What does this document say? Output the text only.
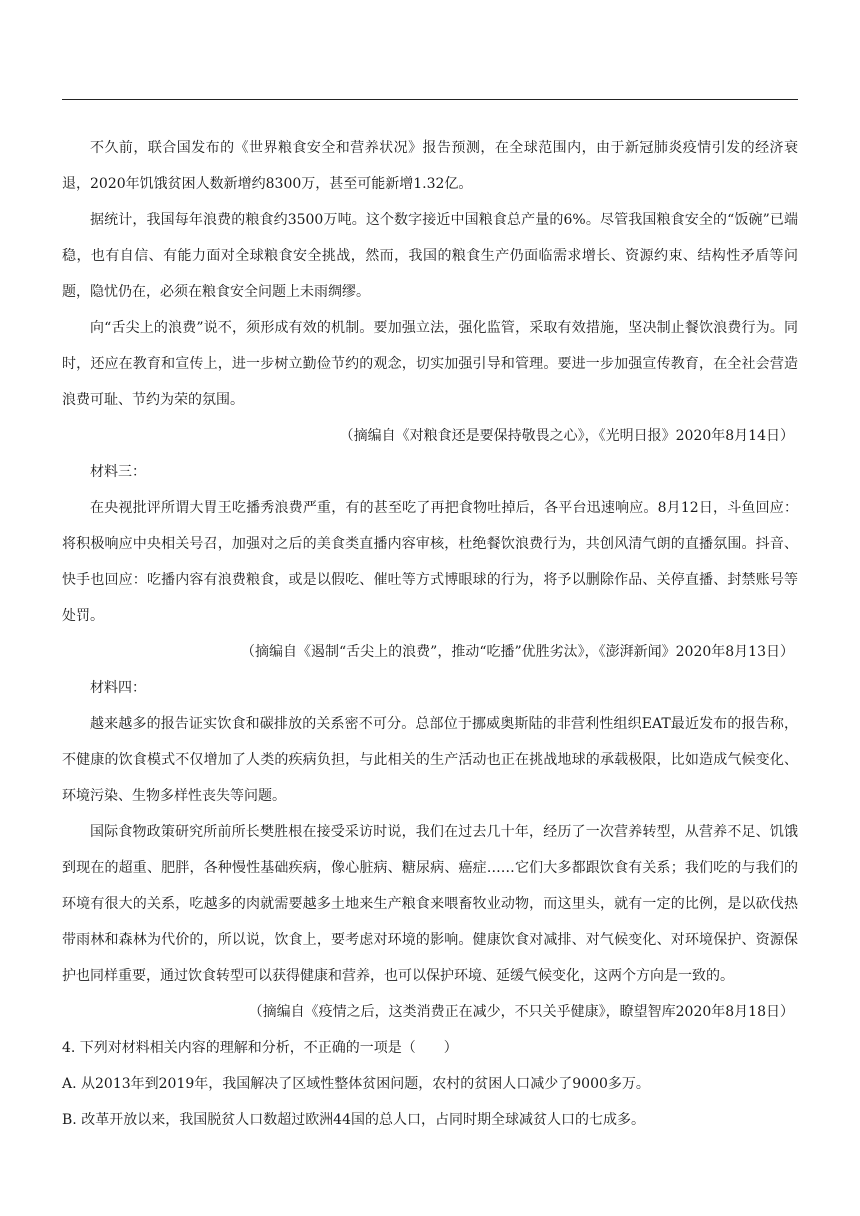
不久前，联合国发布的《世界粮食安全和营养状况》报告预测，在全球范围内，由于新冠肺炎疫情引发的经济衰退，2020年饥饿贫困人数新增约8300万，甚至可能新增1.32亿。

据统计，我国每年浪费的粮食约3500万吨。这个数字接近中国粮食总产量的6%。尽管我国粮食安全的“饭碗”已端稳，也有自信、有能力面对全球粮食安全挑战，然而，我国的粮食生产仍面临需求增长、资源约束、结构性矛盾等问题，隐忧仍在，必须在粮食安全问题上未雨绸缪。

向“舌尖上的浪费”说不，须形成有效的机制。要加强立法，强化监管，采取有效措施，坚决制止餐饮浪费行为。同时，还应在教育和宣传上，进一步树立勤俭节约的观念，切实加强引导和管理。要进一步加强宣传教育，在全社会营造浪费可耻、节约为荣的氛围。

（摘编自《对粮食还是要保持敬畏之心》，《光明日报》2020年8月14日）

材料三：

在央视批评所谓大胃王吃播秀浪费严重，有的甚至吃了再把食物吐掉后，各平台迅速响应。8月12日，斗鱼回应：将积极响应中央相关号召，加强对之后的美食类直播内容审核，杜绝餐饮浪费行为，共创风清气朗的直播氛围。抖音、快手也回应：吃播内容有浪费粮食，或是以假吃、催吐等方式博眼球的行为，将予以删除作品、关停直播、封禁账号等处罚。

（摘编自《遏制“舌尖上的浪费”，推动“吃播”优胜劣汰》，《澎湃新闻》2020年8月13日）

材料四：

越来越多的报告证实饮食和碳排放的关系密不可分。总部位于挪威奥斯陆的非营利性组织EAT最近发布的报告称，不健康的饮食模式不仅增加了人类的疾病负担，与此相关的生产活动也正在挑战地球的承载极限，比如造成气候变化、环境污染、生物多样性丧失等问题。

国际食物政策研究所前所长樊胜根在接受采访时说，我们在过去几十年，经历了一次营养转型，从营养不足、饥饿到现在的超重、肥胖，各种慢性基础疾病，像心脏病、糖尿病、癌症……它们大多都跟饮食有关系；我们吃的与我们的环境有很大的关系，吃越多的肉就需要越多土地来生产粮食来喂畜牧业动物，而这里头，就有一定的比例，是以砍伐热带雨林和森林为代价的，所以说，饮食上，要考虑对环境的影响。健康饮食对减排、对气候变化、对环境保护、资源保护也同样重要，通过饮食转型可以获得健康和营养，也可以保护环境、延缓气候变化，这两个方向是一致的。

（摘编自《疫情之后，这类消费正在减少，不只关乎健康》，瞭望智库2020年8月18日）

4. 下列对材料相关内容的理解和分析，不正确的一项是（　　）

A. 从2013年到2019年，我国解决了区域性整体贫困问题，农村的贫困人口减少了9000多万。

B. 改革开放以来，我国脱贫人口数超过欧洲44国的总人口，占同时期全球减贫人口的七成多。
